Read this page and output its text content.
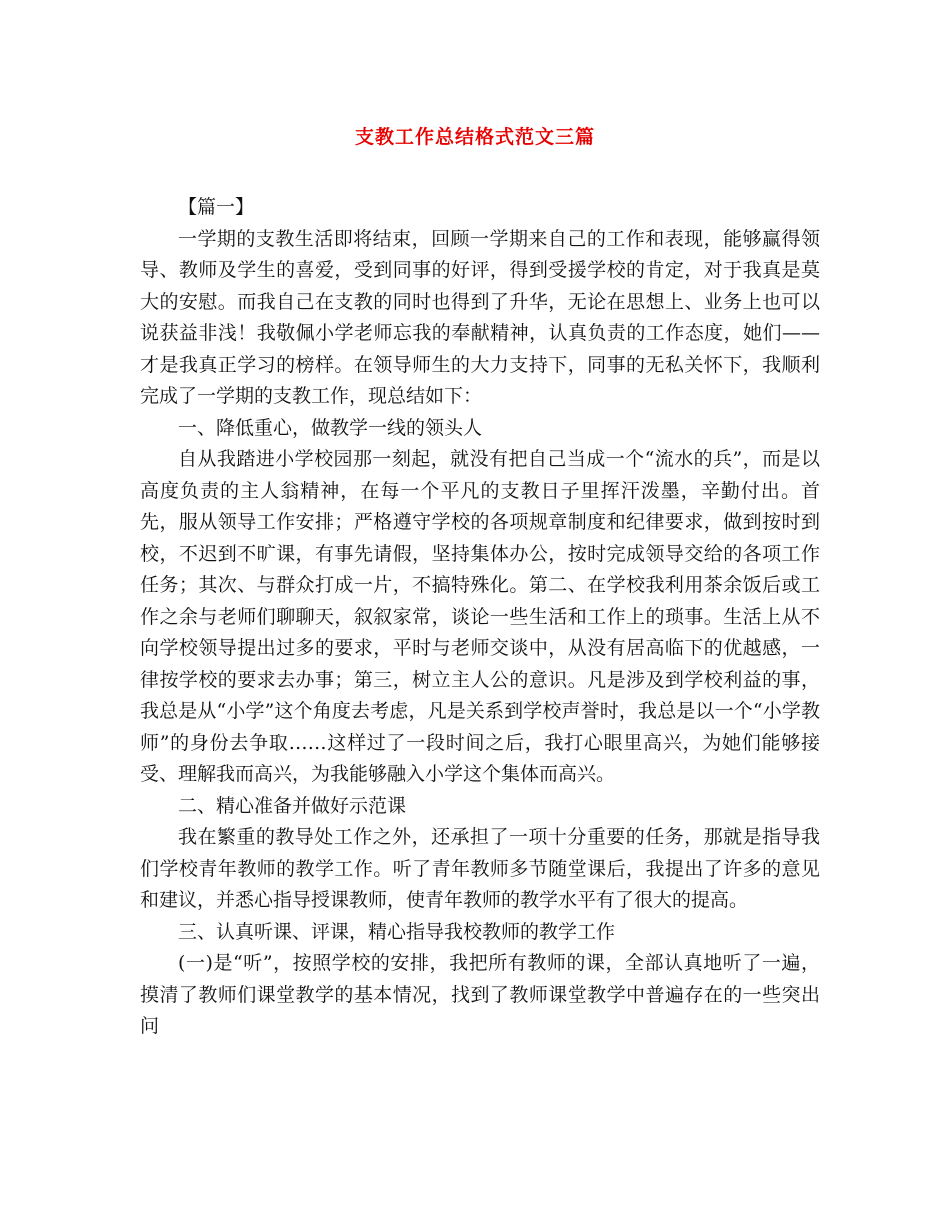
支教工作总结格式范文三篇

【篇一】

一学期的支教生活即将结束，回顾一学期来自己的工作和表现，能够赢得领导、教师及学生的喜爱，受到同事的好评，得到受援学校的肯定，对于我真是莫大的安慰。而我自己在支教的同时也得到了升华，无论在思想上、业务上也可以说获益非浅！我敬佩小学老师忘我的奉献精神，认真负责的工作态度，她们——才是我真正学习的榜样。在领导师生的大力支持下，同事的无私关怀下，我顺利完成了一学期的支教工作，现总结如下：

一、降低重心，做教学一线的领头人

自从我踏进小学校园那一刻起，就没有把自己当成一个“流水的兵”，而是以高度负责的主人翁精神，在每一个平凡的支教日子里挥汗泼墨，辛勤付出。首先，服从领导工作安排；严格遵守学校的各项规章制度和纪律要求，做到按时到校，不迟到不旷课，有事先请假，坚持集体办公，按时完成领导交给的各项工作任务；其次、与群众打成一片，不搞特殊化。第二、在学校我利用茶余饭后或工作之余与老师们聊聊天，叙叙家常，谈论一些生活和工作上的琐事。生活上从不向学校领导提出过多的要求，平时与老师交谈中，从没有居高临下的优越感，一律按学校的要求去办事；第三，树立主人公的意识。凡是涉及到学校利益的事，我总是从“小学”这个角度去考虑，凡是关系到学校声誉时，我总是以一个“小学教师”的身份去争取……这样过了一段时间之后，我打心眼里高兴，为她们能够接受、理解我而高兴，为我能够融入小学这个集体而高兴。

二、精心准备并做好示范课

我在繁重的教导处工作之外，还承担了一项十分重要的任务，那就是指导我们学校青年教师的教学工作。听了青年教师多节随堂课后，我提出了许多的意见和建议，并悉心指导授课教师，使青年教师的教学水平有了很大的提高。

三、认真听课、评课，精心指导我校教师的教学工作

(一)是“听”，按照学校的安排，我把所有教师的课，全部认真地听了一遍，摸清了教师们课堂教学的基本情况，找到了教师课堂教学中普遍存在的一些突出问
